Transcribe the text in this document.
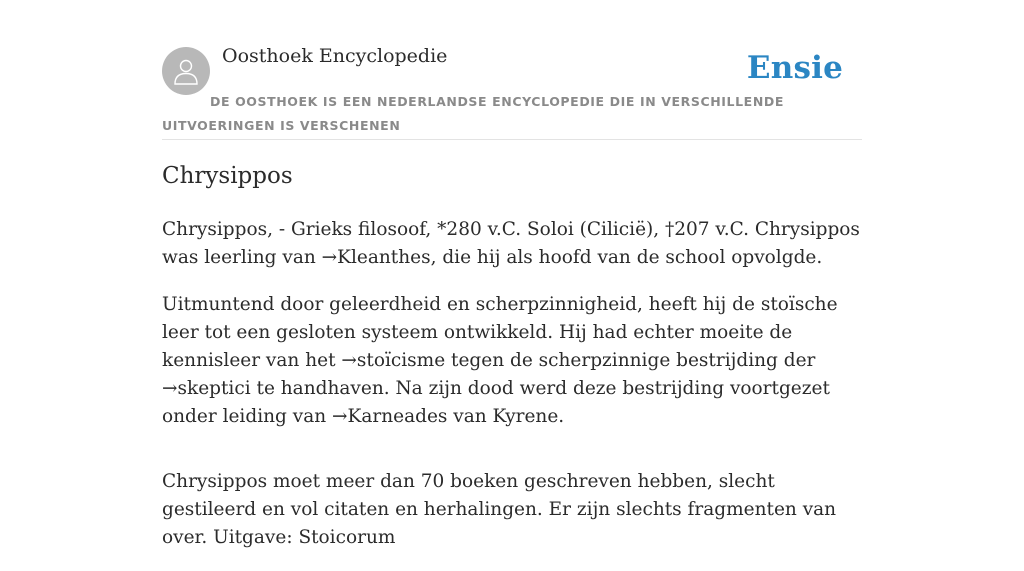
Oosthoek Encyclopedie	Ensie
DE OOSTHOEK IS EEN NEDERLANDSE ENCYCLOPEDIE DIE IN VERSCHILLENDE UITVOERINGEN IS VERSCHENEN
Chrysippos

Chrysippos, - Grieks filosoof, *280 v.C. Soloi (Cilicië), †207 v.C. Chrysippos was leerling van →Kleanthes, die hij als hoofd van de school opvolgde.

Uitmuntend door geleerdheid en scherpzinnigheid, heeft hij de stoïsche leer tot een gesloten systeem ontwikkeld. Hij had echter moeite de kennisleer van het →stoïcisme tegen de scherpzinnige bestrijding der →skeptici te handhaven. Na zijn dood werd deze bestrijding voortgezet onder leiding van →Karneades van Kyrene.

Chrysippos moet meer dan 70 boeken geschreven hebben, slecht gestileerd en vol citaten en herhalingen. Er zijn slechts fragmenten van over. Uitgave: Stoicorum
